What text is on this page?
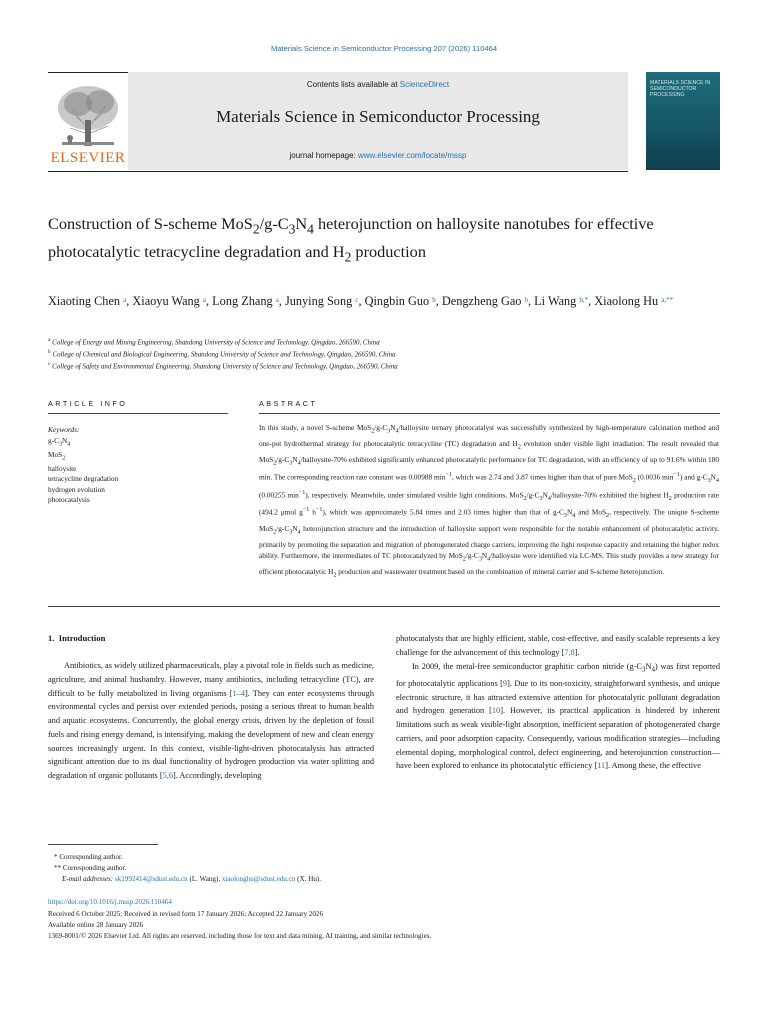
Materials Science in Semiconductor Processing 207 (2026) 110464
ELSEVIER
Contents lists available at ScienceDirect
Materials Science in Semiconductor Processing
journal homepage: www.elsevier.com/locate/mssp
MATERIALS SCIENCE IN SEMICONDUCTOR PROCESSING
Construction of S-scheme $MoS_2/g-C_3N_4$ heterojunction on halloysite nanotubes for effective photocatalytic tetracycline degradation and $H_2$ production
Xiaoting Chen $^a$, Xiaoyu Wang $^a$, Long Zhang $^a$, Junying Song $^c$, Qingbin Guo $^b$, Dengzheng Gao $^b$, Li Wang $^{b,*}$, Xiaolong Hu $^{a,**}$
$^a$ College of Energy and Mining Engineering, Shandong University of Science and Technology, Qingdao, 266590, China
$^b$ College of Chemical and Biological Engineering, Shandong University of Science and Technology, Qingdao, 266590, China
$^c$ College of Safety and Environmental Engineering, Shandong University of Science and Technology, Qingdao, 266590, China
ARTICLE INFO	ABSTRACT
Keywords:
$g-C_3N_4$
MoS$_2$
halloysite
tetracycline degradation
hydrogen evolution
photocatalysis
In this study, a novel S-scheme $MoS_2/g-C_3N_4$/halloysite ternary photocatalyst was successfully synthesized by high-temperature calcination method and one-pot hydrothermal strategy for photocatalytic tetracycline (TC) degradation and $H_2$ evolution under visible light irradiation. The result revealed that $MoS_2/g-C_3N_4/halloysite-70\%$ exhibited significantly enhanced photocatalytic performance for TC degradation, with an efficiency of up to 91.6% within 180 min. The corresponding reaction rate constant was 0.00988 $\min^{-1}$, which was 2.74 and 3.87 times higher than that of pure MoS$_2$ (0.0036 $\min^{-1}$) and $g-C_3N_4$ (0.00255 $\min^{-1}$), respectively. Meanwhile, under simulated visible light conditions, $MoS_2/g-C_3N_4/halloysite-70\%$ exhibited the highest $H_2$ production rate (494.2 μmol $g^{-1}$ $h^{-1}$), which was approximately 5.84 times and 2.03 times higher than that of $g-C_3N_4$ and MoS$_2$, respectively. The unique S-scheme $MoS_2/g-C_3N_4$ heterojunction structure and the introduction of halloysite support were responsible for the notable enhancement of photocatalytic activity, primarily by promoting the separation and migration of photogenerated charge carriers, improving the light response capacity and retaining the higher redox ability. Furthermore, the intermediates of TC photocatalyzed by $MoS_2/g-C_3N_4$/halloysite were identified via LC-MS. This study provides a new strategy for efficient photocatalytic $H_2$ production and wastewater treatment based on the combination of mineral carrier and S-scheme heterojunction.
1.  Introduction

Antibiotics, as widely utilized pharmaceuticals, play a pivotal role in fields such as medicine, agriculture, and animal husbandry. However, many antibiotics, including tetracycline (TC), are difficult to be fully metabolized in living organisms [1–4]. They can enter ecosystems through environmental cycles and persist over extended periods, posing a serious threat to human health and aquatic ecosystems. Concurrently, the global energy crisis, driven by the depletion of fossil fuels and rising energy demand, is intensifying, making the development of new and clean energy sources increasingly urgent. In this context, visible-light-driven photocatalysis has attracted significant attention due to its dual functionality of hydrogen production via water splitting and degradation of organic pollutants [5,6]. Accordingly, developing

photocatalysts that are highly efficient, stable, cost-effective, and easily scalable represents a key challenge for the advancement of this technology [7,8].

In 2009, the metal-free semiconductor graphitic carbon nitride $(g-C_3N_4)$ was first reported for photocatalytic applications [9]. Due to its non-toxicity, straightforward synthesis, and unique electronic structure, it has attracted extensive attention for photocatalytic pollutant degradation and hydrogen generation [10]. However, its practical application is hindered by inherent limitations such as weak visible-light absorption, inefficient separation of photogenerated charge carriers, and poor adsorption capacity. Consequently, various modification strategies—including elemental doping, morphological control, defect engineering, and heterojunction construction—have been explored to enhance its photocatalytic efficiency [11]. Among these, the effective

* Corresponding author.
** Corresponding author.
E-mail addresses: sk1992414@sdust.edu.cn (L. Wang), xiaolonghu@sdust.edu.cn (X. Hu).
https://doi.org/10.1016/j.mssp.2026.110464
Received 6 October 2025; Received in revised form 17 January 2026; Accepted 22 January 2026
Available online 28 January 2026
1369-8001/© 2026 Elsevier Ltd. All rights are reserved, including those for text and data mining, AI training, and similar technologies.
